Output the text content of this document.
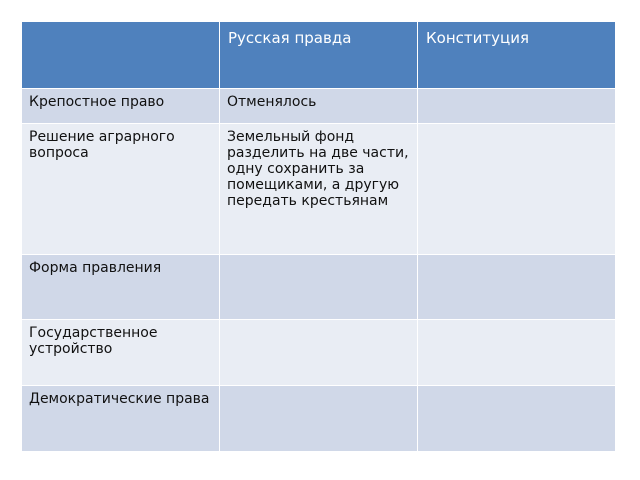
Русская правда	Конституция
Крепостное право	Отменялось
Решение аграрного вопроса
Земельный фонд разделить на две части, одну сохранить за помещиками, а другую передать крестьянам
Форма правления
Государственное устройство
Демократические права
